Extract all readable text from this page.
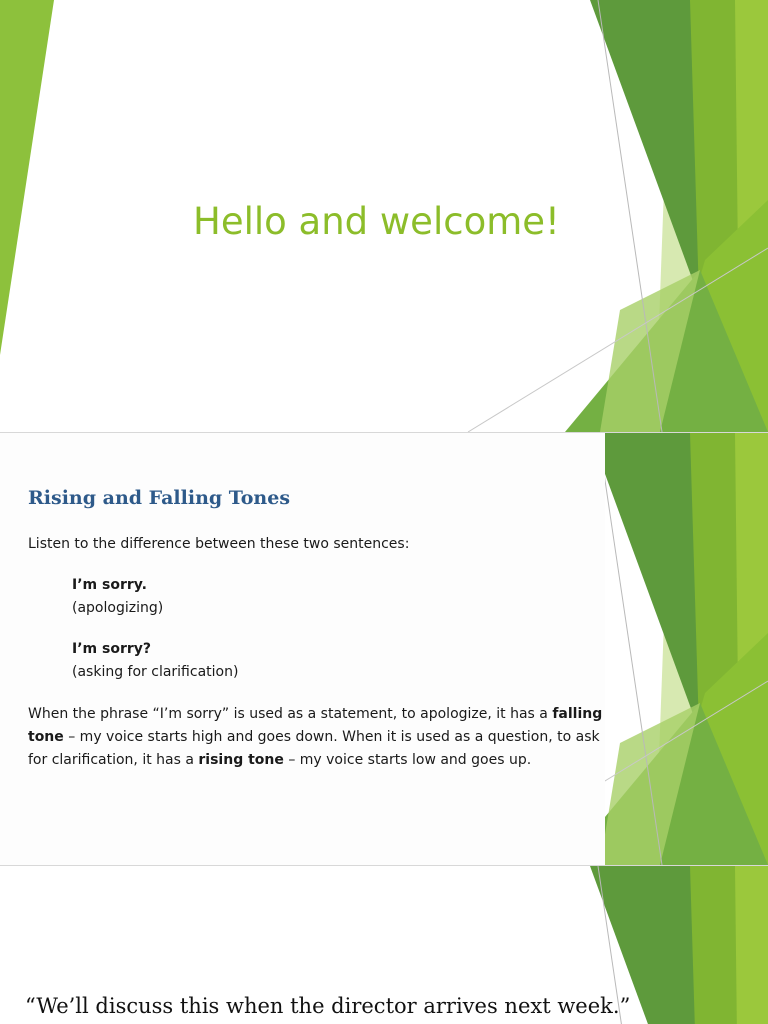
Hello and welcome!
Rising and Falling Tones
Listen to the difference between these two sentences:
I’m sorry.
(apologizing)
I’m sorry?
(asking for clarification)
When the phrase “I’m sorry” is used as a statement, to apologize, it has a falling tone – my voice starts high and goes down. When it is used as a question, to ask for clarification, it has a rising tone – my voice starts low and goes up.
“We’ll discuss this when the director arrives next week.”
